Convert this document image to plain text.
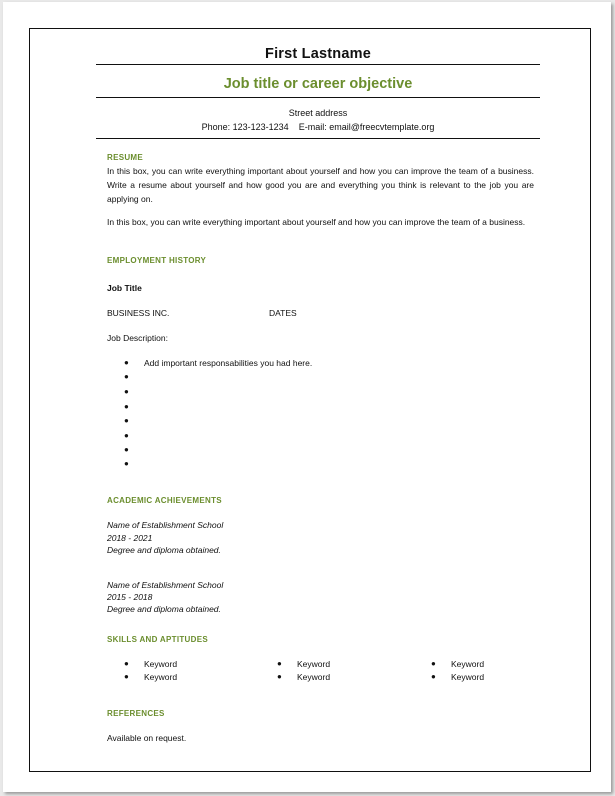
First Lastname
Job title or career objective
Street address
Phone: 123-123-1234 E-mail: email@freecvtemplate.org
RESUME
In this box, you can write everything important about yourself and how you can improve the team of a business. Write a resume about yourself and how good you are and everything you think is relevant to the job you are applying on.
In this box, you can write everything important about yourself and how you can improve the team of a business.
EMPLOYMENT HISTORY
Job Title
BUSINESS INC.	DATES
Job Description:
● Add important responsabilities you had here.
●
●
●
●
●
●
●
ACADEMIC ACHIEVEMENTS
Name of Establishment School
2018 - 2021
Degree and diploma obtained.
Name of Establishment School
2015 - 2018
Degree and diploma obtained.
SKILLS AND APTITUDES
● Keyword
● Keyword
● Keyword
● Keyword
● Keyword
● Keyword
REFERENCES
Available on request.
